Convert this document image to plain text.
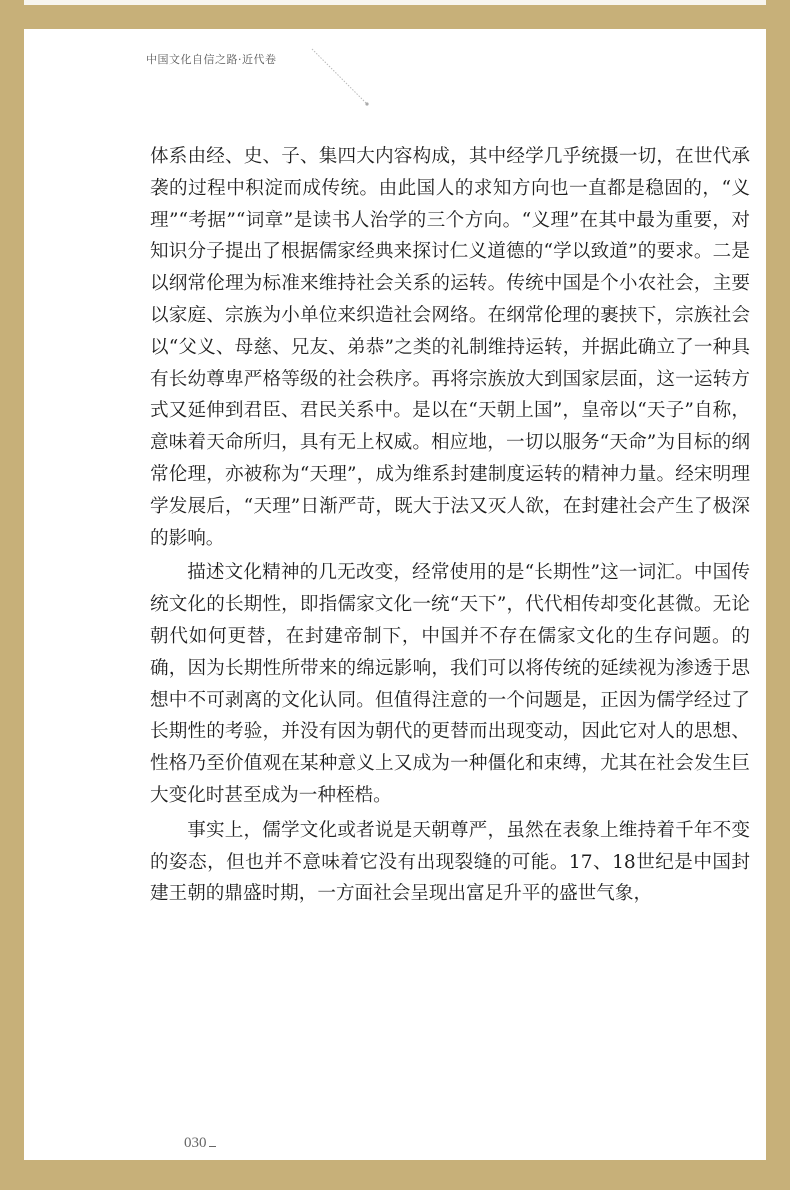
中国文化自信之路·近代卷

体系由经、史、子、集四大内容构成，其中经学几乎统摄一切，在世代承袭的过程中积淀而成传统。由此国人的求知方向也一直都是稳固的，“义理”“考据”“词章”是读书人治学的三个方向。“义理”在其中最为重要，对知识分子提出了根据儒家经典来探讨仁义道德的“学以致道”的要求。二是以纲常伦理为标准来维持社会关系的运转。传统中国是个小农社会，主要以家庭、宗族为小单位来织造社会网络。在纲常伦理的裹挟下，宗族社会以“父义、母慈、兄友、弟恭”之类的礼制维持运转，并据此确立了一种具有长幼尊卑严格等级的社会秩序。再将宗族放大到国家层面，这一运转方式又延伸到君臣、君民关系中。是以在“天朝上国”，皇帝以“天子”自称，意味着天命所归，具有无上权威。相应地，一切以服务“天命”为目标的纲常伦理，亦被称为“天理”，成为维系封建制度运转的精神力量。经宋明理学发展后，“天理”日渐严苛，既大于法又灭人欲，在封建社会产生了极深的影响。

描述文化精神的几无改变，经常使用的是“长期性”这一词汇。中国传统文化的长期性，即指儒家文化一统“天下”，代代相传却变化甚微。无论朝代如何更替，在封建帝制下，中国并不存在儒家文化的生存问题。的确，因为长期性所带来的绵远影响，我们可以将传统的延续视为渗透于思想中不可剥离的文化认同。但值得注意的一个问题是，正因为儒学经过了长期性的考验，并没有因为朝代的更替而出现变动，因此它对人的思想、性格乃至价值观在某种意义上又成为一种僵化和束缚，尤其在社会发生巨大变化时甚至成为一种桎梏。

事实上，儒学文化或者说是天朝尊严，虽然在表象上维持着千年不变的姿态，但也并不意味着它没有出现裂缝的可能。17、18世纪是中国封建王朝的鼎盛时期，一方面社会呈现出富足升平的盛世气象，

030
